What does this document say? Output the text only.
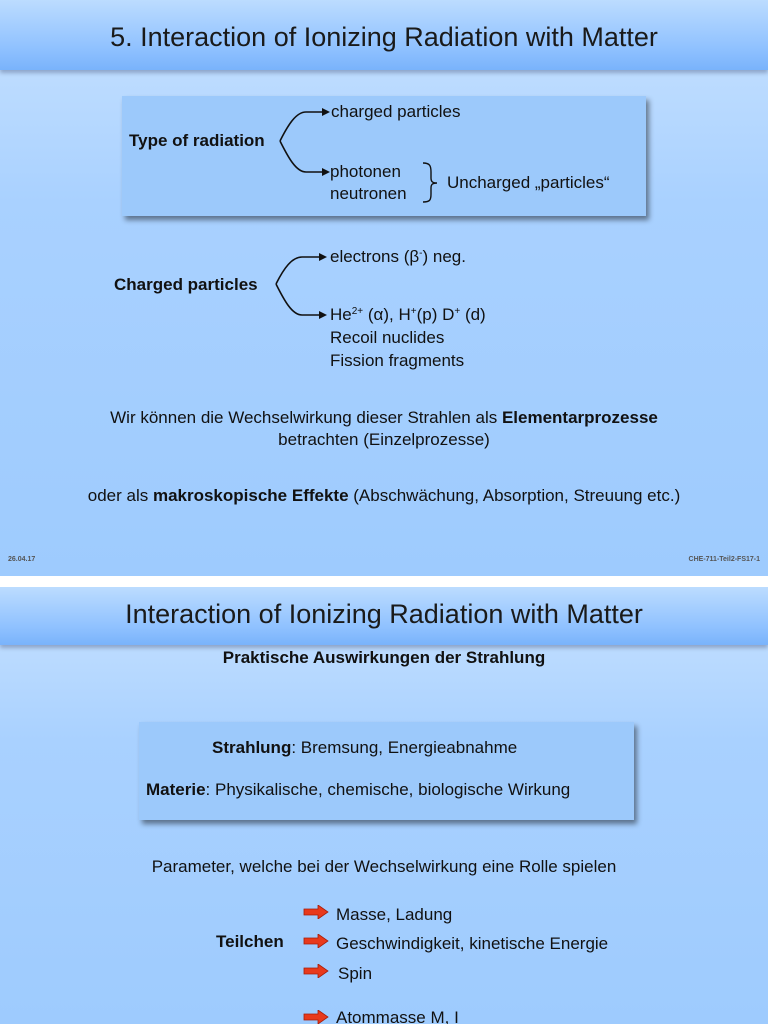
5. Interaction of Ionizing Radiation with Matter
Type of radiation
charged particles
photonen
neutronen
Uncharged „particles“
Charged particles
electrons (β-) neg.
$He^{2+}$ (α), H+(p) D+ (d)
Recoil nuclides
Fission fragments
Wir können die Wechselwirkung dieser Strahlen als Elementarprozesse
betrachten (Einzelprozesse)
oder als makroskopische Effekte (Abschwächung, Absorption, Streuung etc.)
26.04.17	CHE-711-Teil2-FS17-1
Interaction of Ionizing Radiation with Matter
Praktische Auswirkungen der Strahlung
Strahlung: Bremsung, Energieabnahme
Materie: Physikalische, chemische, biologische Wirkung
Parameter, welche bei der Wechselwirkung eine Rolle spielen
Teilchen
Masse, Ladung
Geschwindigkeit, kinetische Energie
Spin
Atommasse M, I
